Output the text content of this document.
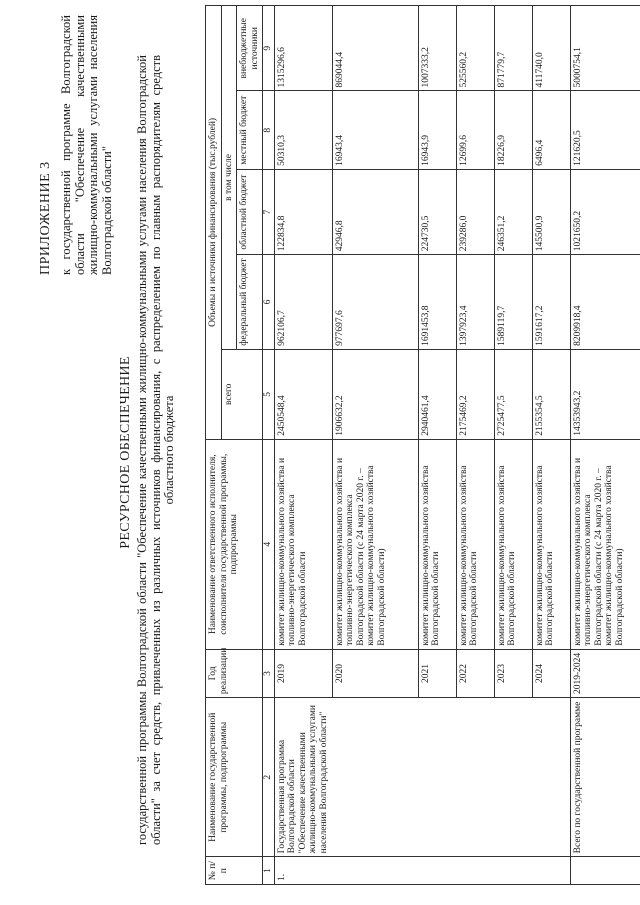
ПРИЛОЖЕНИЕ 3 к государственной программе Волгоградской области "Обеспечение качественными жилищно-коммунальными услугами населения Волгоградской области"
РЕСУРСНОЕ ОБЕСПЕЧЕНИЕ государственной программы Волгоградской области "Обеспечение качественными жилищно-коммунальными услугами населения Волгоградской области" за счет средств, привлеченных из различных источников финансирования, с распределением по главным распорядителям средств областного бюджета
№ п/п	Наименование государственной программы, подпрограммы	Год реализации	Наименование ответственного исполнителя, соисполнителя государственной программы, подпрограммы	Объемы и источники финансирования (тыс.рублей)				
				всего	в том числе			
					федеральный бюджет	областной бюджет	местный бюджет	внебюджетные источники
1	2	3	4	5	6	7	8	9
1.	Государственная программа Волгоградской области "Обеспечение качественными жилищно-коммунальными услугами населения Волгоградской области"	2019	комитет жилищно-коммунального хозяйства и топливно-энергетического комплекса Волгоградской области	2450548,4	962106,7	122834,8	50310,3	1315296,6
		2020	комитет жилищно-коммунального хозяйства и топливно-энергетического комплекса Волгоградской области (с 24 марта 2020 г. – комитет жилищно-коммунального хозяйства Волгоградской области)	1906632,2	977697,6	42946,8	16943,4	869044,4
		2021	комитет жилищно-коммунального хозяйства Волгоградской области	2940461,4	1691453,8	224730,5	16943,9	1007333,2
		2022	комитет жилищно-коммунального хозяйства Волгоградской области	2175469,2	1397923,4	239286,0	12699,6	525560,2
		2023	комитет жилищно-коммунального хозяйства Волгоградской области	2725477,5	1589119,7	246351,2	18226,9	871779,7
		2024	комитет жилищно-коммунального хозяйства Волгоградской области	2155354,5	1591617,2	145500,9	6496,4	411740,0
	Всего по государственной программе	2019-2024	комитет жилищно-коммунального хозяйства и топливно-энергетического комплекса Волгоградской области (с 24 марта 2020 г. – комитет жилищно-коммунального хозяйства Волгоградской области)	14353943,2	8209918,4	1021650,2	121620,5	5000754,1
